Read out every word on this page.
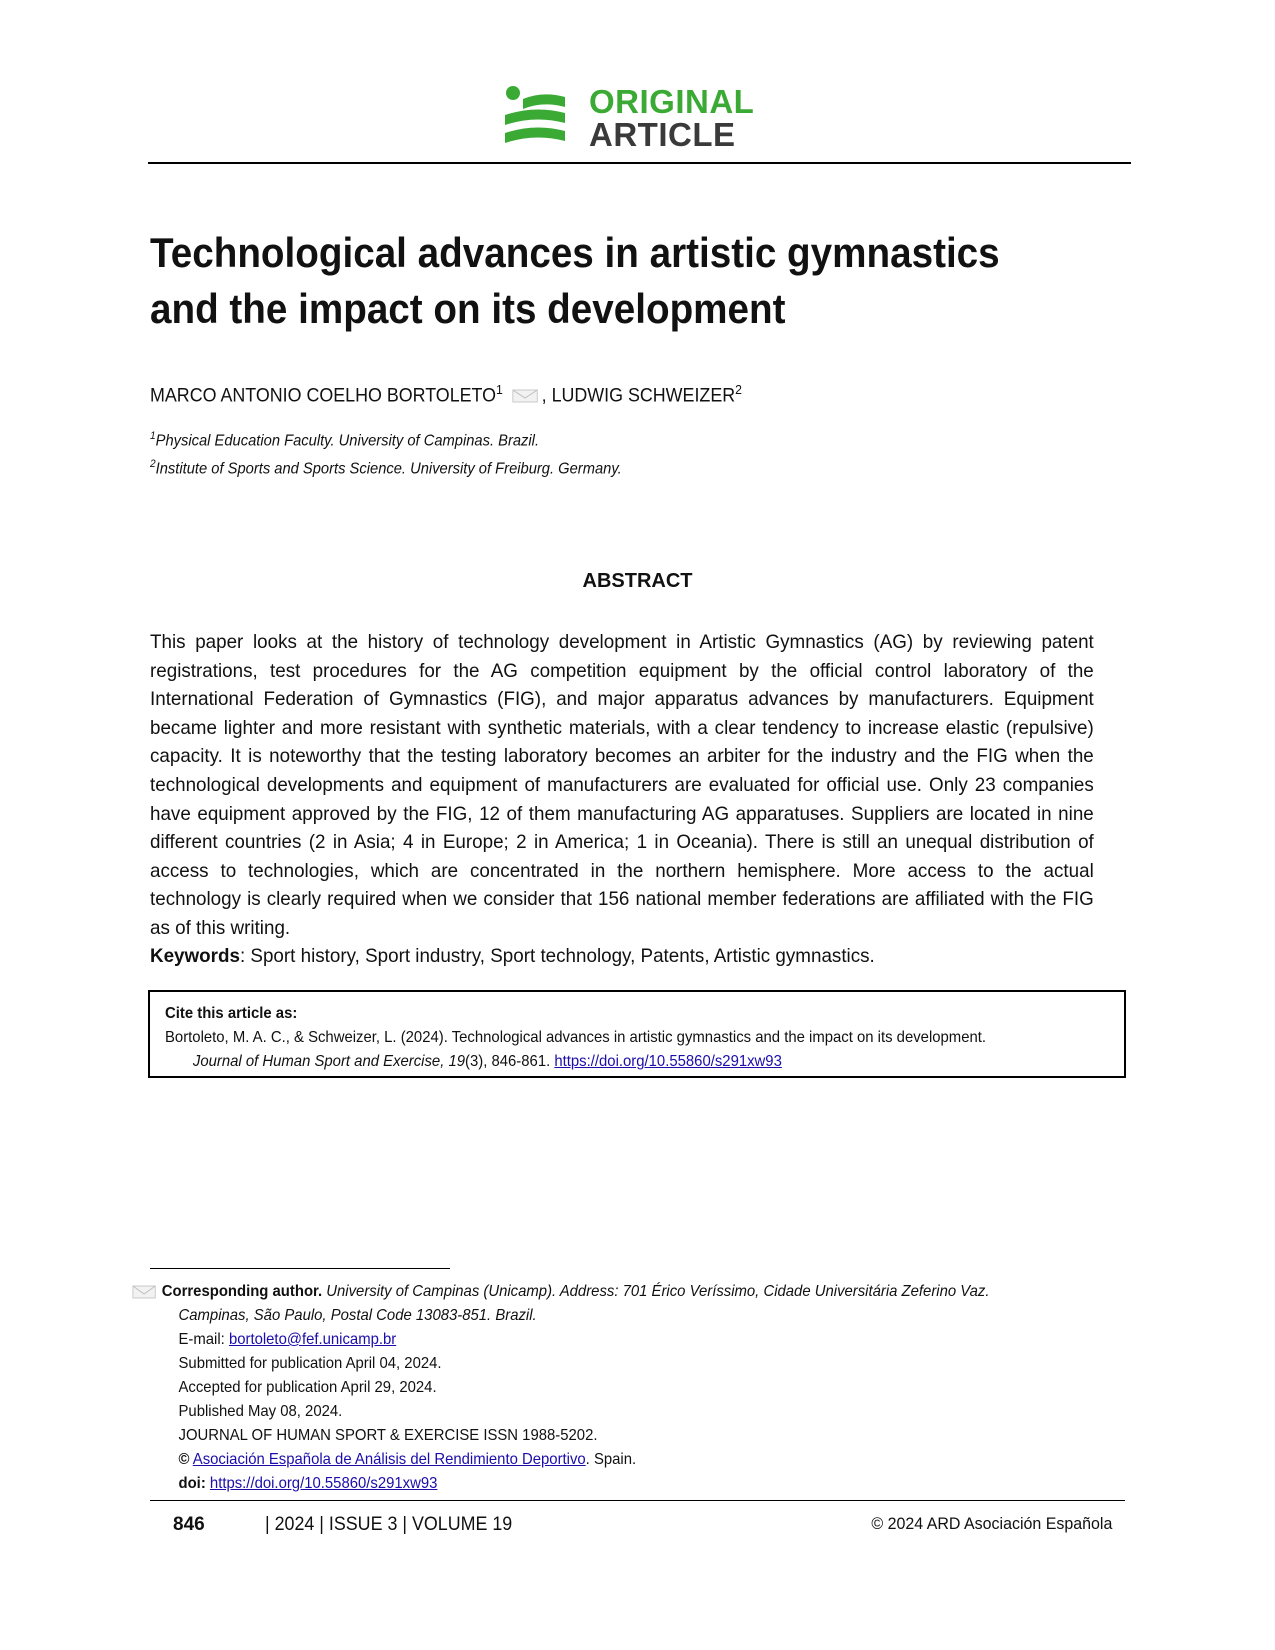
ORIGINAL
ARTICLE
Technological advances in artistic gymnastics and the impact on its development
MARCO ANTONIO COELHO BORTOLETO$^1$ , LUDWIG SCHWEIZER$^2$
$^1$Physical Education Faculty. University of Campinas. Brazil.
$^2$Institute of Sports and Sports Science. University of Freiburg. Germany.
ABSTRACT

This paper looks at the history of technology development in Artistic Gymnastics (AG) by reviewing patent registrations, test procedures for the AG competition equipment by the official control laboratory of the International Federation of Gymnastics (FIG), and major apparatus advances by manufacturers. Equipment became lighter and more resistant with synthetic materials, with a clear tendency to increase elastic (repulsive) capacity. It is noteworthy that the testing laboratory becomes an arbiter for the industry and the FIG when the technological developments and equipment of manufacturers are evaluated for official use. Only 23 companies have equipment approved by the FIG, 12 of them manufacturing AG apparatuses. Suppliers are located in nine different countries (2 in Asia; 4 in Europe; 2 in America; 1 in Oceania). There is still an unequal distribution of access to technologies, which are concentrated in the northern hemisphere. More access to the actual technology is clearly required when we consider that 156 national member federations are affiliated with the FIG as of this writing.

Keywords: Sport history, Sport industry, Sport technology, Patents, Artistic gymnastics.

Cite this article as:
Bortoleto, M. A. C., & Schweizer, L. (2024). Technological advances in artistic gymnastics and the impact on its development.
Journal of Human Sport and Exercise, 19(3), 846-861. https://doi.org/10.55860/s291xw93
Corresponding author. University of Campinas (Unicamp). Address: 701 Érico Veríssimo, Cidade Universitária Zeferino Vaz.
Campinas, São Paulo, Postal Code 13083-851. Brazil.
E-mail: bortoleto@fef.unicamp.br
Submitted for publication April 04, 2024.
Accepted for publication April 29, 2024.
Published May 08, 2024.
JOURNAL OF HUMAN SPORT & EXERCISE ISSN 1988-5202.
© Asociación Española de Análisis del Rendimiento Deportivo. Spain.
doi: https://doi.org/10.55860/s291xw93
846	| 2024 | ISSUE 3 | VOLUME 19	© 2024 ARD Asociación Española
